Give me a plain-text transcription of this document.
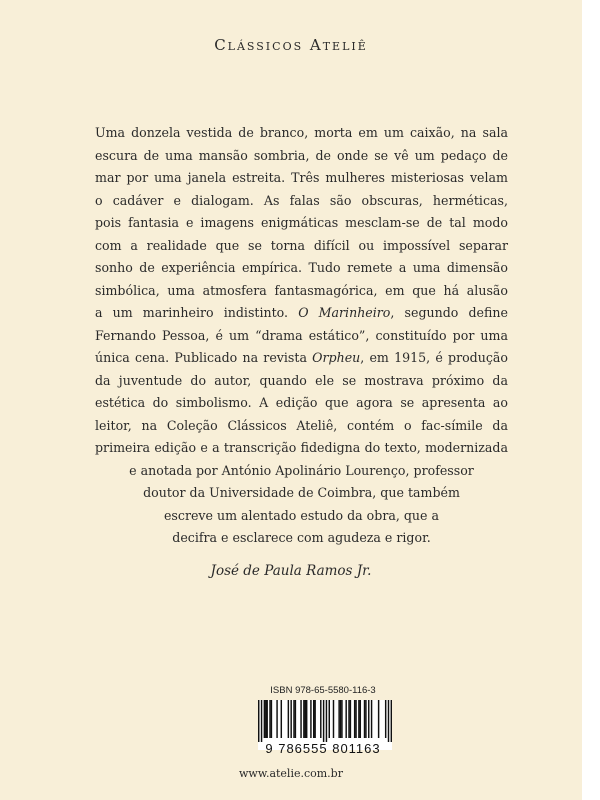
Clássicos Ateliê
Uma donzela vestida de branco, morta em um caixão, na sala
escura de uma mansão sombria, de onde se vê um pedaço de
mar por uma janela estreita. Três mulheres misteriosas velam
o cadáver e dialogam. As falas são obscuras, herméticas,
pois fantasia e imagens enigmáticas mesclam-se de tal modo
com a realidade que se torna difícil ou impossível separar
sonho de experiência empírica. Tudo remete a uma dimensão
simbólica, uma atmosfera fantasmagórica, em que há alusão
a um marinheiro indistinto. O Marinheiro, segundo define
Fernando Pessoa, é um “drama estático”, constituído por uma
única cena. Publicado na revista Orpheu, em 1915, é produção
da juventude do autor, quando ele se mostrava próximo da
estética do simbolismo. A edição que agora se apresenta ao
leitor, na Coleção Clássicos Ateliê, contém o fac-símile da
primeira edição e a transcrição fidedigna do texto, modernizada
e anotada por António Apolinário Lourenço, professor
doutor da Universidade de Coimbra, que também
escreve um alentado estudo da obra, que a
decifra e esclarece com agudeza e rigor.
José de Paula Ramos Jr.
ISBN 978-65-5580-116-3
9 786555 801163
www.atelie.com.br
